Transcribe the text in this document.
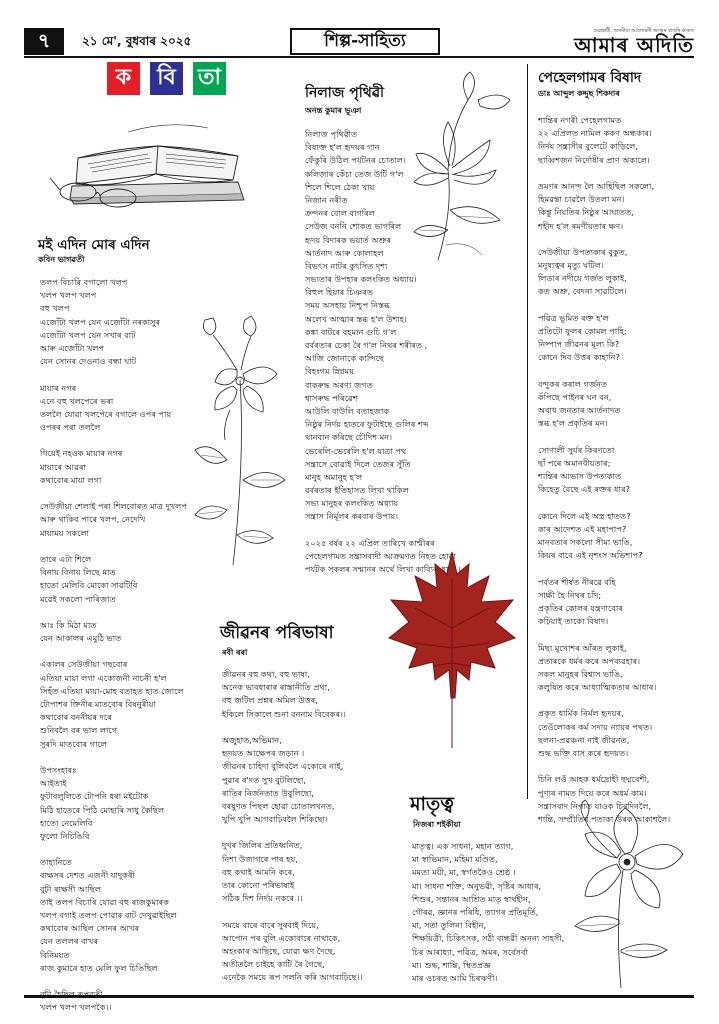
৭	২১ মে', বুধবাৰ ২০২৫	শিল্প-সাহিত্য	গুৱাহাটী, অসমীয়া আলোচনী অসমৰ বাতৰি কাকত
আমাৰ অদিতি
ক	বি	তা
মই এদিন মোৰ এদিন
কবিন ভাগৱতী
তলপ বিচাৰি বগালো খলপ
খলপ খলপ খলপ
বহু খলপ
এজোঁটা খলপ যেন এজোঁটা নৰকাসুৰ
এজোঁটা খলপ যেন সখাৰ বাট
আৰু এজোঁটা খলপ
যেন সোনৰ দেওনাও বন্ধা ঘাট
মায়াৰ নগৰ
এনে বহু খলপেৰে ভৰা
তললৈ যোৱা খলপেৰে বগালে ওপৰ পায়
ওপৰৰ পৰা তললৈ
গিয়েই নহওক মায়াৰ নগৰ
মায়াৰে আৱৰা
কথাবোৰ মায়া লগা
সেউজীয়া শেলাই পৰা শিলবোৰত মাত্ৰ দুখলপ
আৰু থাকিব পাৰে খলপ, নেদেখি
মায়াময় সকলো
তাৰে এটা শিলে
বিনায় বিনায় লিছে মাত
হাতো মেলিবি মোকো সাৱটিবি
মৱেই সকলো পাৰিজাত
আঃ কি মিঠা মাত
যেন আকালৰ এমুঠি ভাত
একালৰ সেউজীয়া গছবোৰ
এতিয়া মায়া লগা একোজনী নাচনী হ'ল
সিহঁত এতিয়া মায়া-মোহ বতাহত হাত জোলে
টোপাশৰ ক্তিনীৰ মাতবোৰ বিষনুৰীয়া
কথাবোৰ বননীয়ৰ দৰে
শুনিবলৈ বৰ ভাল লাগে
সুৰদি মাতবোৰ গালে
উপসংহাৰঃ
আইতাই
ফুটাবলুলিতে টোপনি ধৰা মইটোক
মিঠি হাতেৰে পিঠি মোহাৰি সাধু কৈছিল
হাতো নেমেলিবি
ফুলো নিচিঙিবি
তাহানিতে
বাক্ষসৰ দেশত এজনী যাদুকৰী
বুঢ়ী ৰাক্ষসী আছিল
তাই তলপ বিচাৰি যোৱা বহু ৰাজকুমাৰক
খলপ বগাই তলপ পোৱাৰ বাট দেখুৱাইছিল
কথাবোৰ আছিল সোনৰ আখৰ
যেন তললৰ বাখৰ
বিনিময়ত
ৰাজ কুমাৰে হাত মেলি ফুল চিঙিছিল
খলপ খলপ খলপকৈ।।
নিলাজ পৃথিৱী
অনন্ত কুমাৰ ভূঞা
নিলাজ পৃথিৱীত
বিষাক্ত হ'ল হৃদয়ৰ গান
ফেঁকুৰি উঠিল পৰ্যটনৰ চোতাল।
কলিজাৰ কেঁচা তেজ উটি গ'ল
শিলে শিলে ঠেকা খায়
নিজান নৰীত
ক্ৰন্দনৰ বোল বাগৰিল
সেউজ বননি শোকত ভাগৰিল
হৃদয় বিদাৰক ভয়াৰ্ত অশ্ৰুৰ
আৰ্তনাদ আৰু কোলাহল
বিভৎস নাটৰ কুৎসিত দৃশ্য
সভ্যতাৰ উপহাৰ কলংকিত অধ্যায়।
বিহুল হিয়াৰ চিঞৰত
সময় অসহায় নিশ্চুপ নিস্তব্ধ
অলেখ আত্মাৰ স্তব্ধ হ'ল উশাহ।
কঙ্কা বাটৰে বহমান গুচি গ'ল
বৰ্বৰতাৰ চেকা ৰৈ গ'ল নিথৰ শৰীৰত ,
আজি জোনাকে কান্দিছে
বিহংগম স্নিগ্নময়
বাকৰুদ্ধ অৰণ্য জগত
শ্বাসৰুদ্ধ পৰিৱেশ
আউলি বাউলি বতাহজাক
নিষ্ঠুৰ নিৰ্দয় হাতৰে ফুটাইছে গুলিৰ শব্দ
থানবান কৰিছে চৌদিশ মন।
ভেৰেলি-ভেৰেলি হ'ল যাত্ৰা পথ
সন্ত্ৰাসে বোৱাই দিলে তেজৰ সুঁতি
মানুহ অমানুহ হ'ল
বৰ্বৰতাৰ ইতিহাসত লিখা থাকিল
সভ্য মানুহৰ কলংকিত অধ্যায়
সন্ত্ৰাস নিৰ্মূলৰ কৰবাৰ উপায়।
২০২৫ বৰ্ষৰ ২২ এপ্ৰিল তাৰিখে কাশ্মীৰৰ
পেহেলগামত সন্ত্ৰাসবাদী আক্ৰমণত নিহত হোৱা
পৰ্যটক সকলৰ সন্মানৰ অৰ্থে লিখা কাব্যিক ধাৰা ।
জীৱনৰ পৰিভাষা
ৰবী ৰৰা
জীৱনৰ বহু কথা, বহু ভাষা,
অনেক ভাবধাৰাৰ ৰাস্তানীতি প্ৰথা,
বহু জটিল প্ৰশ্নৰ অমিল উত্তৰ,
ইকিলে সিকালে শুনা বননাম বিবেকৰ।।
অজুহাত,অভিমান,
হৃদয়ত আক্ষেপৰ জড়ান ।
জীৱনৰ চাহিদা বুলিবলৈ একোৰে নাই,
পুৱাৰ ৰ'দত সুখ বুটলিছো,
ৰাতিৰ নিৰ্জনতাত উবুলিছো,
বৰষুণত পিছল হোৱা চোতালখনত,
খুপি খুপি আগবাঢ়িবলৈ শিকিছো।
দুখৰ জিলিৰ প্ৰতিধ্বনিত,
নিশা উজাগৰে পাৰ হয়,
বহু কথাই আমনি কৰে,
তাৰ কোনো পৰিভাষাই
সঠিক দিশ নিৰ্দয় নকৰে ।।
সময়ে বাৰে বাৰে সুৰবাই দিয়ে,
আপোন পৰ বুলি একোবাৰে নাথাকে,
অহংকাৰ আছিছে, যোৱা ক্ষণ দৈছে,
অতীতলৈ চাইহে কাটি ৰৈ গৈছে,
এনেকৈ সময়ে ৰূপ সলনি কৰি আগবাঢ়িছে।।
পেহেলগামৰ বিষাদ
ডাঃ আব্দুল কদ্দুছ শিকদাৰ
শান্তিৰ নগৰী পেহেলগামত
২২ এপ্ৰিলত নামিল ককণ অন্ধকাৰ।
নিৰ্দয় সন্ত্ৰাসীৰ বুলেটে কাড়িলে,
ছাব্বিশজন নিৰ্দোষীৰ প্ৰাণ অকালে।
ভ্ৰমণৰ আনন্দ লৈ আহিছিল সকলো,
হিমৱন্তা চাৱলৈ উতলা মন।
কিন্তু নিয়তিৰ নিষ্ঠুৰ আঘাতত,
শহীদ হ'ল ৰমণীয়তাৰ ক্ষণ।
সেউজীয়া উপত্যকাৰ বুকুত,
মনুষ্যত্বৰ মৃত্যু ঘটিল।
লিডাৰ নদীয়ে গৰ্জত লুকাই,
কত অশ্ৰু, বেদনা সাৱটিলে।
পৱিত্ৰ ভূমিত ৰক্ত হ'ল
প্ৰতিটো ফুলৰ কোমল পাহি;
নিষ্পাপ জীৱনৰ মূল্য কি?
কোনে দিব উত্তৰ কাহানি?
বন্দুকৰ কৰাল গৰ্জনত
কঁপিছে পাইনৰ ঘন বন,
অবাধ জনতাৰ আৰ্তনাদত
স্তব্ধ হ'ল প্ৰকৃতিৰ মন।
সোণালী সুৰ্যৰ কিৰণতো
ছাঁ পৰে অমানবীয়তাৰ;
শান্তিৰ আভাস উপত্যকাত
কিহেতু বৈছে এই ৰক্তৰ ধাৰ?
কোনে দিলে এই অস্ত্ৰ হাতত?
কাৰ আদেশত এই মহাপাপ?
মানবতাৰ সকলো সীমা ভাঙি,
কিয়ৰ বাবে এই নৃশংস অভিশাপ?
পৰ্বতৰ শীৰ্ষত নীৰৱে বহি
সাক্ষী হৈ নিথৰ চাঁদ;
প্ৰকৃতিৰ কোলৰ যন্ত্ৰণাবোৰ
কঢ়িয়াই তাকো বিষাদ।
মিছা মুখোশৰ আঁৰত লুকাই,
প্ৰতাৰকে ধৰ্মৰ কৰে অপব্যৱহাৰ।
সকল মানুহৰ বিশ্বাস ভাঙি,
কলুষিত কৰে আধ্যাত্মিকতাৰ আধাৰ।
প্ৰকৃত ধাৰ্মিক নিৰ্মল হৃদয়ৰ,
তেওঁলোকৰ কৰ্ম সদায় ন্যায়ৰ পথত।
ছলনা-প্ৰৱঞ্চনা নাই জীৱনত,
শুদ্ধ ভক্তি বাস কৰে হৃদয়ত।
চিনি লওঁ আহক ধৰ্মদ্ৰোহী ছদ্মবেশী,
পুণ্যৰ নামত দিয়ে কৰে অধৰ্ম কাম।
সন্ত্ৰাসবাদ নিপাত যাওক চিৰদিনলৈ,
শান্তি, সম্প্ৰীতিৰ পতাকা উৰক আকাশলৈ।
মাতৃত্ব
নিজৰা শইকীয়া
মাতৃত্ব। এক সাধনা, মহান ত্যাগ,
মা স্বাভিমান, মহিমা মণ্ডিত,
মমতা ময়ী, মা, স্বৰ্গতকৈও শ্ৰেষ্ঠ ।
মা। সাধনা শক্তি, অনুভৱী, সৃষ্টিৰ আধাৰ,
শিশুৰ, সন্তানৰ আশ্ৰিত মাতৃ স্বাৰ্থহীন,
গৌৰৱ, জ্ঞানৰ পৰিধি, ত্যাগৰ প্ৰতিমূৰ্তি,
মা, সতা তুলিনা বিহীন,
শিক্ষয়িত্ৰী, চিকিৎসক, সঠী বান্ধৱী অনন্য সাহসী,
চিৰ আৰাধ্যা, পৱিত্ৰ, অমৰ, সৰ্বেসৰ্বা
মা। শুদ্ধ, শান্তি, স্থিতপ্ৰজ্ঞ
মাৰ ওচৰত আমি চিৰঋণী।
